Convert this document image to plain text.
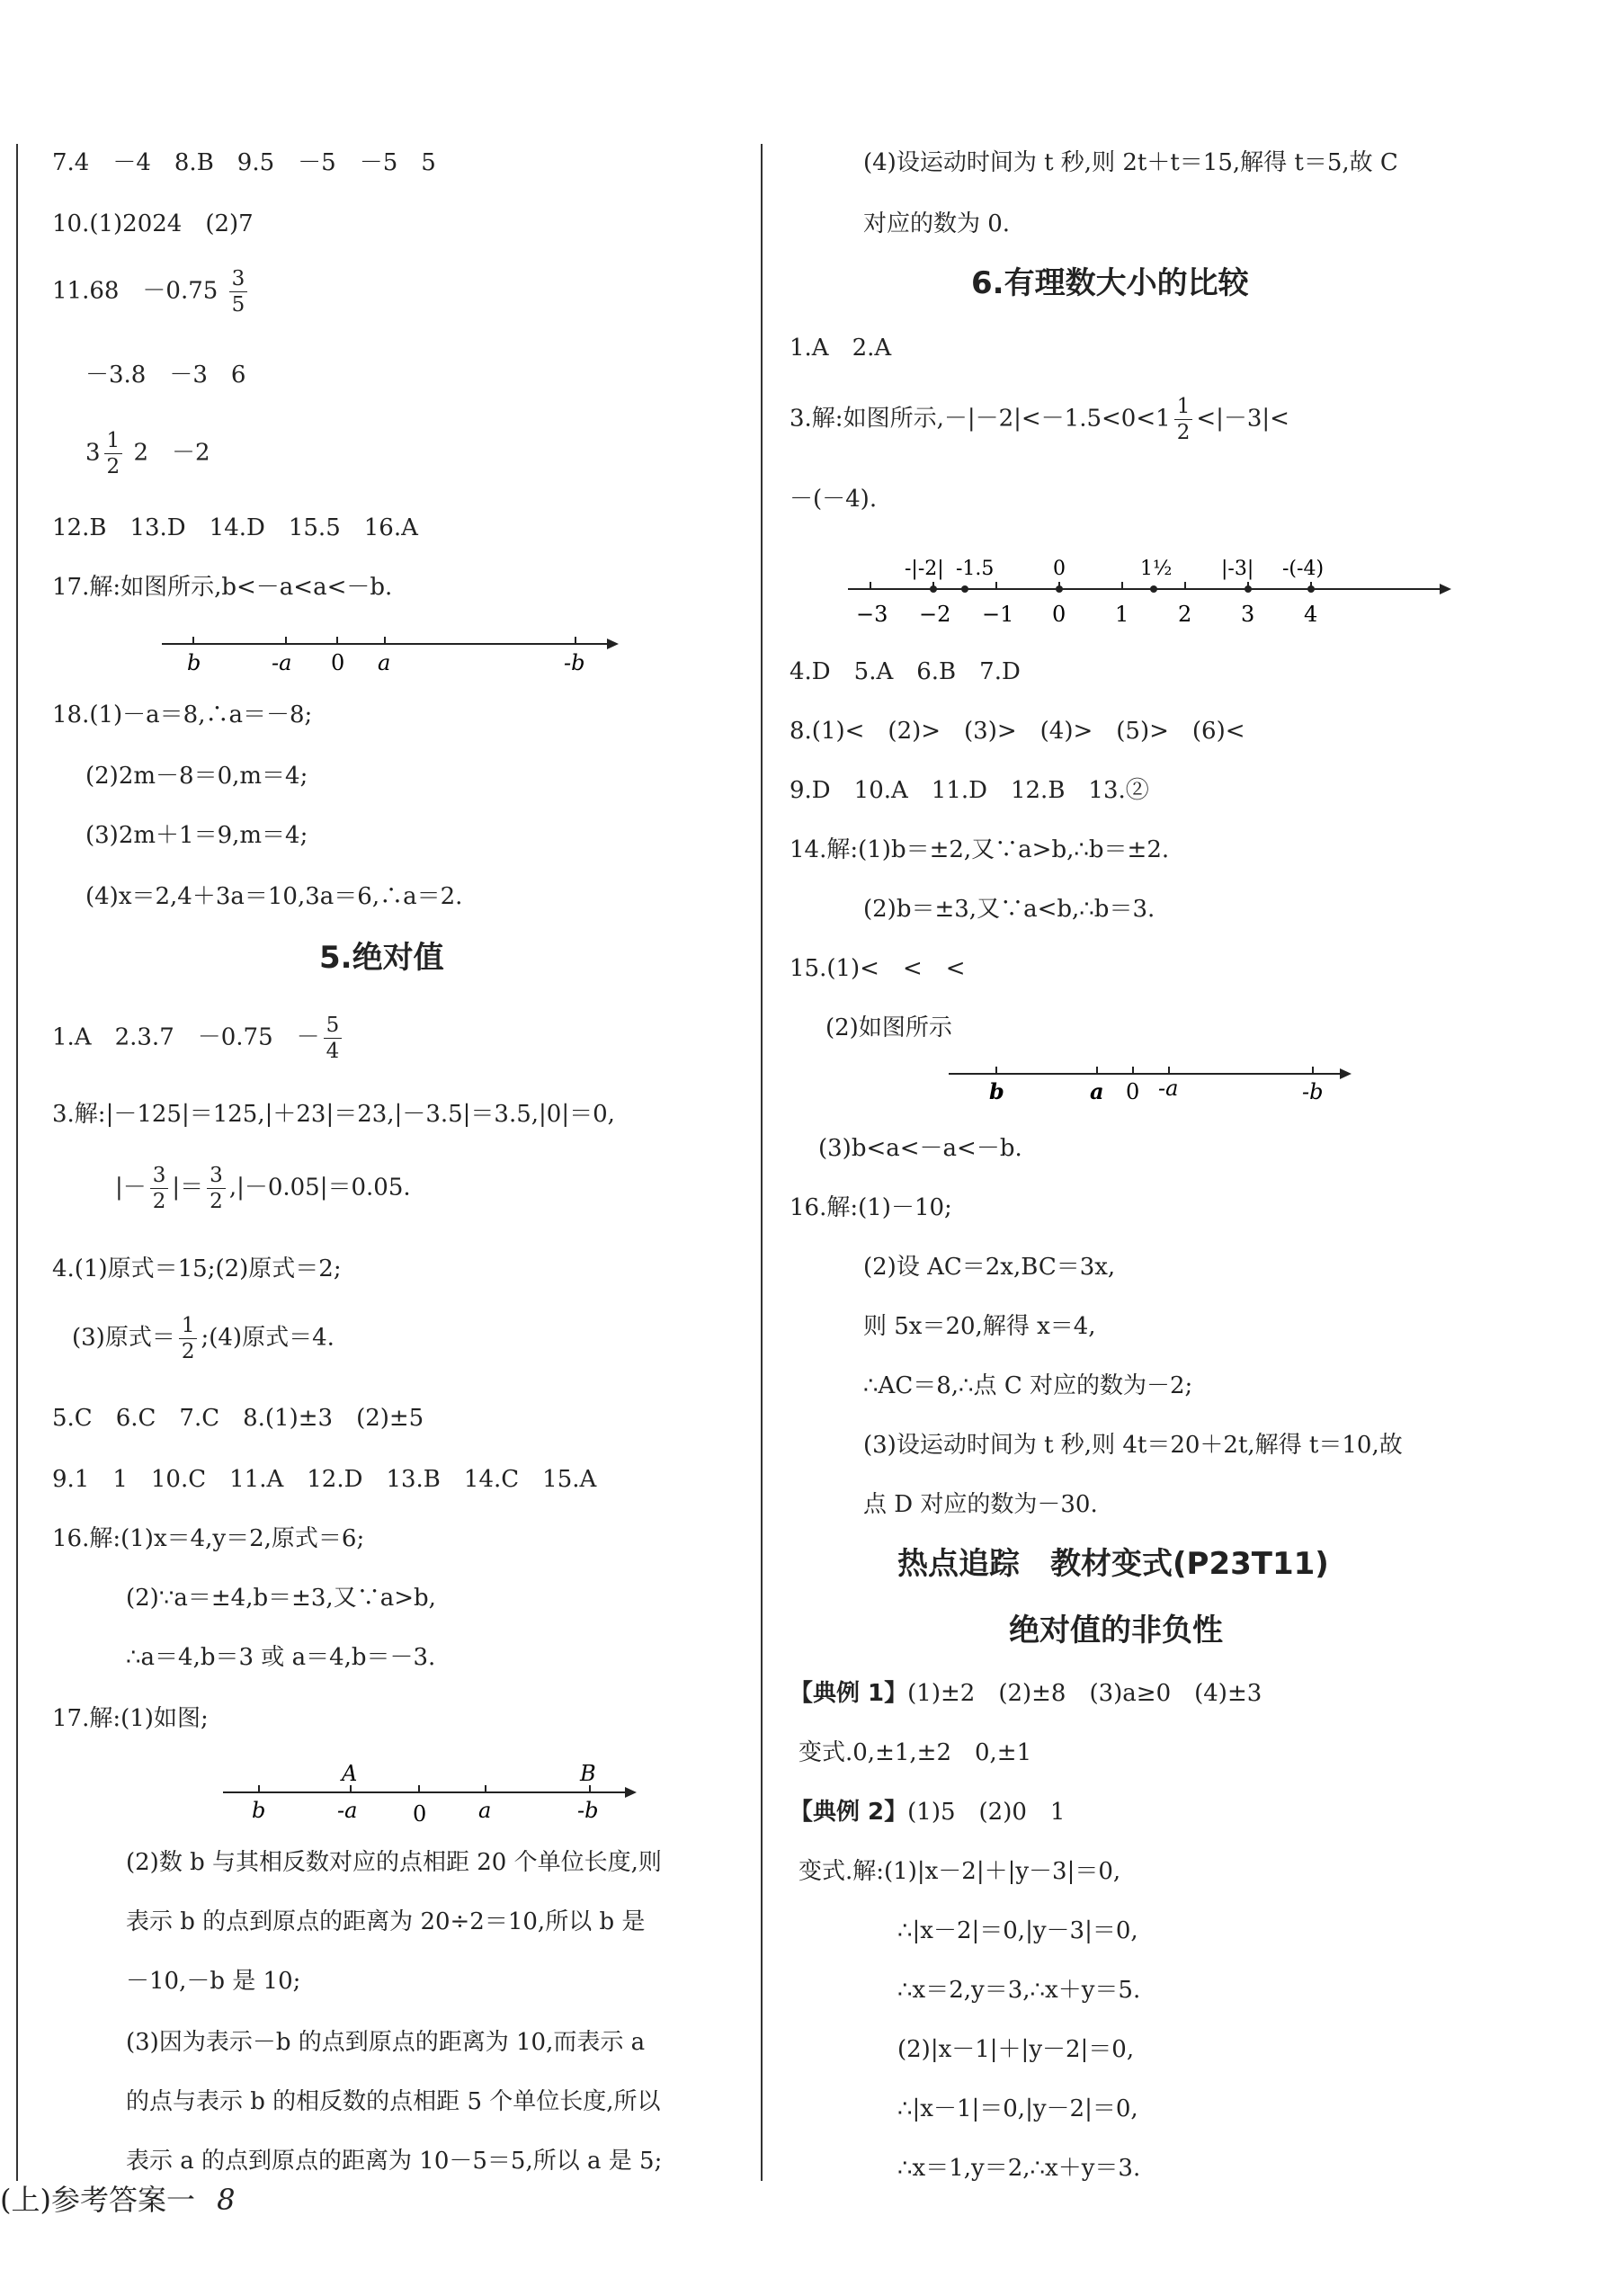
7.4　－4　8.B　9.5　－5　－5　5
10.(1)2024　(2)7
11.68　$-0.75 \frac{3}{5}$
－3.8　－3　6
$3 \frac{1}{2} 2$　－2
12.B　13.D　14.D　15.5　16.A
17.解:如图所示,b<－a<a<－b.
b	-a 0 a	-b
18.(1)－a＝8,∴a＝－8;
(2)2m－8＝0,m＝4;
(3)2m＋1＝9,m＝4;
(4)x＝2,4＋3a＝10,3a＝6,∴a＝2.
5.绝对值
1.A　2.3.7　－0.75　－ $\frac{5}{4}$
3.解:|－125|＝125,|＋23|＝23,|－3.5|＝3.5,|0|＝0,
|－ $\frac{3}{2}$ |＝ $\frac{3}{2} ,|-0.05|=0.05$.
4.(1)原式＝15;(2)原式＝2;
(3)原式＝ $\frac{1}{2}$ ;(4)原式＝4.
5.C　6.C　7.C　8.(1)±3　(2)±5
9.1　1　10.C　11.A　12.D　13.B　14.C　15.A
16.解:(1)x＝4,y＝2,原式＝6;
(2)∵a＝±4,b＝±3,又∵a>b,
∴a＝4,b＝3 或 a＝4,b＝－3.
17.解:(1)如图;
A	B
b	-a	0 a	-b
(2)数 b 与其相反数对应的点相距 20 个单位长度,则
表示 b 的点到原点的距离为 20÷2＝10,所以 b 是
－10,－b 是 10;
(3)因为表示－b 的点到原点的距离为 10,而表示 a
的点与表示 b 的相反数的点相距 5 个单位长度,所以
表示 a 的点到原点的距离为 10－5＝5,所以 a 是 5;
(4)设运动时间为 t 秒,则 2t＋t＝15,解得 t＝5,故 C
对应的数为 0.
6.有理数大小的比较
1.A　2.A
3.解:如图所示$,-|-2|<-1.5<0<1 \frac{1}{2} <|-3|<$
－(－4).
-|-2| -1.5	0	1½ |-3| -(-4)
−3 −2 −1 0 1 2 3 4
4.D　5.A　6.B　7.D
8.(1)<　(2)>　(3)>　(4)>　(5)>　(6)<
9.D　10.A　11.D　12.B　13.②
14.解:(1)b＝±2,又∵a>b,∴b＝±2.
(2)b＝±3,又∵a<b,∴b＝3.
15.(1)<　<　<
(2)如图所示
b	a 0 -a	-b
(3)b<a<－a<－b.
16.解:(1)－10;
(2)设 AC＝2x,BC＝3x,
则 5x＝20,解得 x＝4,
∴AC＝8,∴点 C 对应的数为－2;
(3)设运动时间为 t 秒,则 4t＝20＋2t,解得 t＝10,故
点 D 对应的数为－30.
热点追踪　教材变式(P23T11)
绝对值的非负性
【典例 1】(1)±2　(2)±8　(3)a≥0　(4)±3
变式.0,±1,±2　0,±1
【典例 2】(1)5　(2)0　1
变式.解:(1)|x－2|＋|y－3|＝0,
∴|x－2|＝0,|y－3|＝0,
∴x＝2,y＝3,∴x＋y＝5.
(2)|x－1|＋|y－2|＝0,
∴|x－1|＝0,|y－2|＝0,
∴x＝1,y＝2,∴x＋y＝3.
(上)参考答案一 8
